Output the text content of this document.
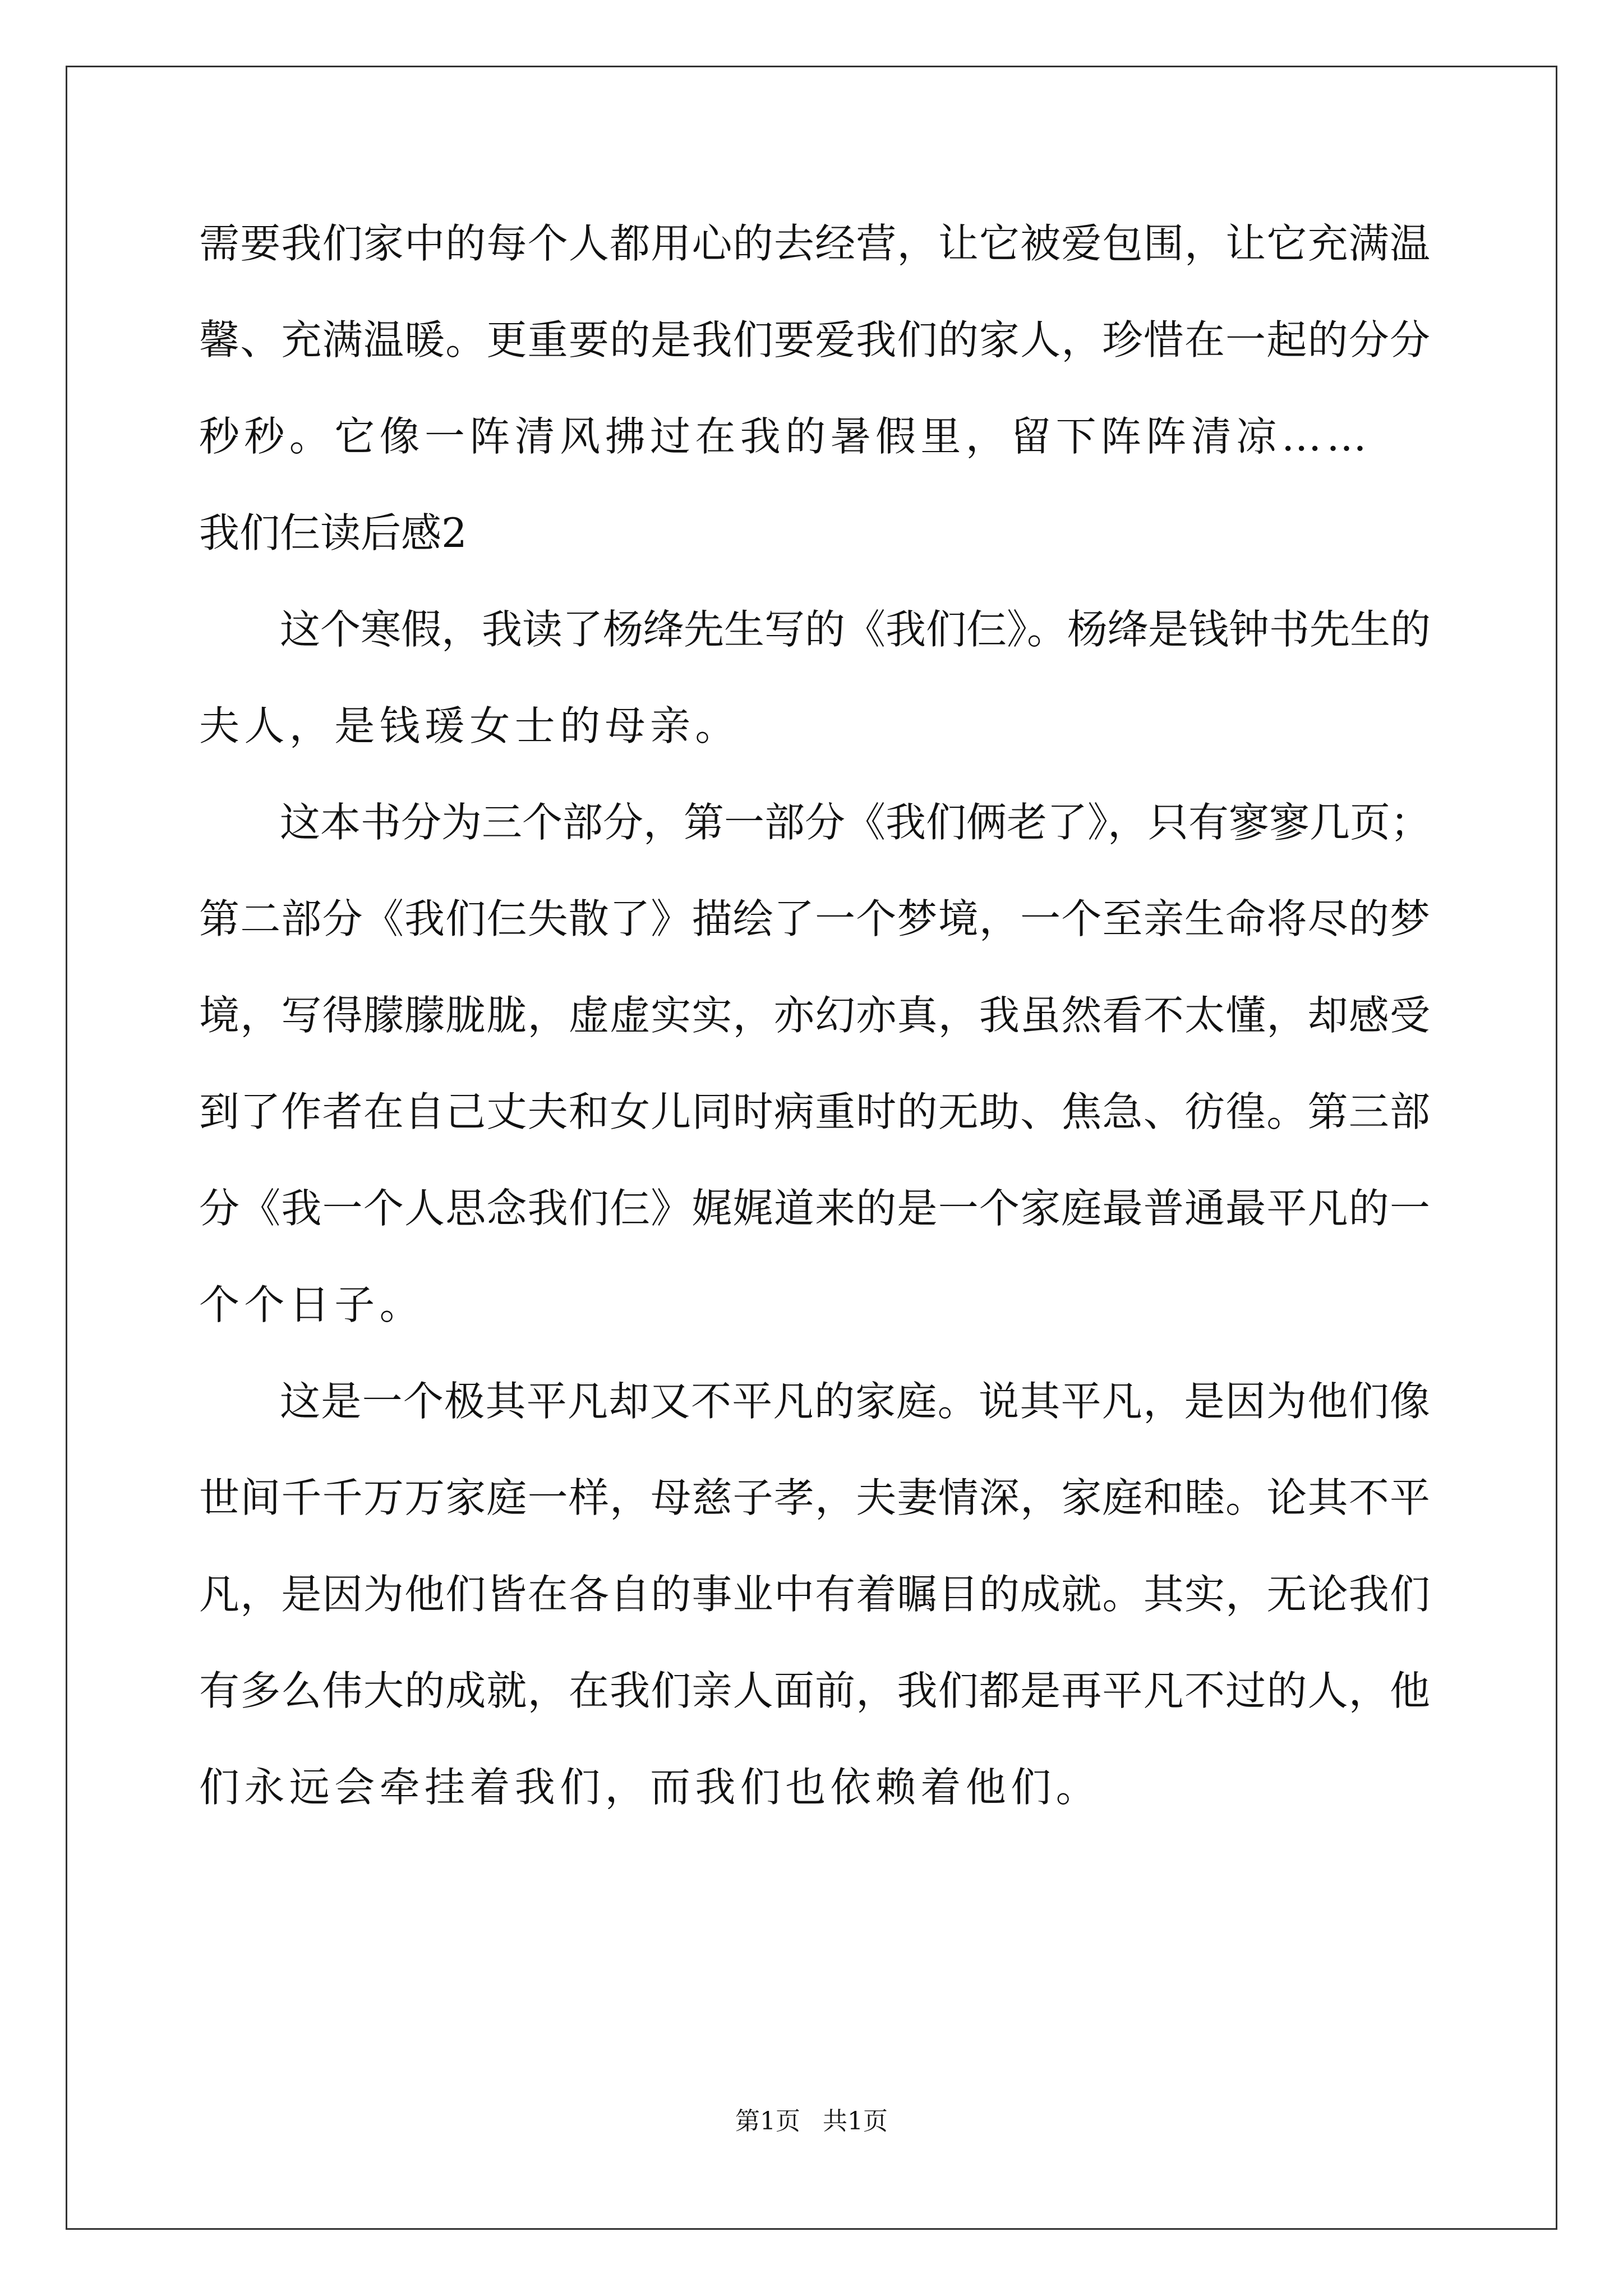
需要我们家中的每个人都用心的去经营，让它被爱包围，让它充满温
馨、充满温暖。更重要的是我们要爱我们的家人，珍惜在一起的分分
秒秒。它像一阵清风拂过在我的暑假里，留下阵阵清凉……
我们仨读后感2
这个寒假，我读了杨绛先生写的《我们仨》。杨绛是钱钟书先生的
夫人，是钱瑗女士的母亲。
这本书分为三个部分，第一部分《我们俩老了》，只有寥寥几页；
第二部分《我们仨失散了》描绘了一个梦境，一个至亲生命将尽的梦
境，写得朦朦胧胧，虚虚实实，亦幻亦真，我虽然看不太懂，却感受
到了作者在自己丈夫和女儿同时病重时的无助、焦急、彷徨。第三部
分《我一个人思念我们仨》娓娓道来的是一个家庭最普通最平凡的一
个个日子。
这是一个极其平凡却又不平凡的家庭。说其平凡，是因为他们像
世间千千万万家庭一样，母慈子孝，夫妻情深，家庭和睦。论其不平
凡，是因为他们皆在各自的事业中有着瞩目的成就。其实，无论我们
有多么伟大的成就，在我们亲人面前，我们都是再平凡不过的人，他
们永远会牵挂着我们，而我们也依赖着他们。
第1页 共1页
